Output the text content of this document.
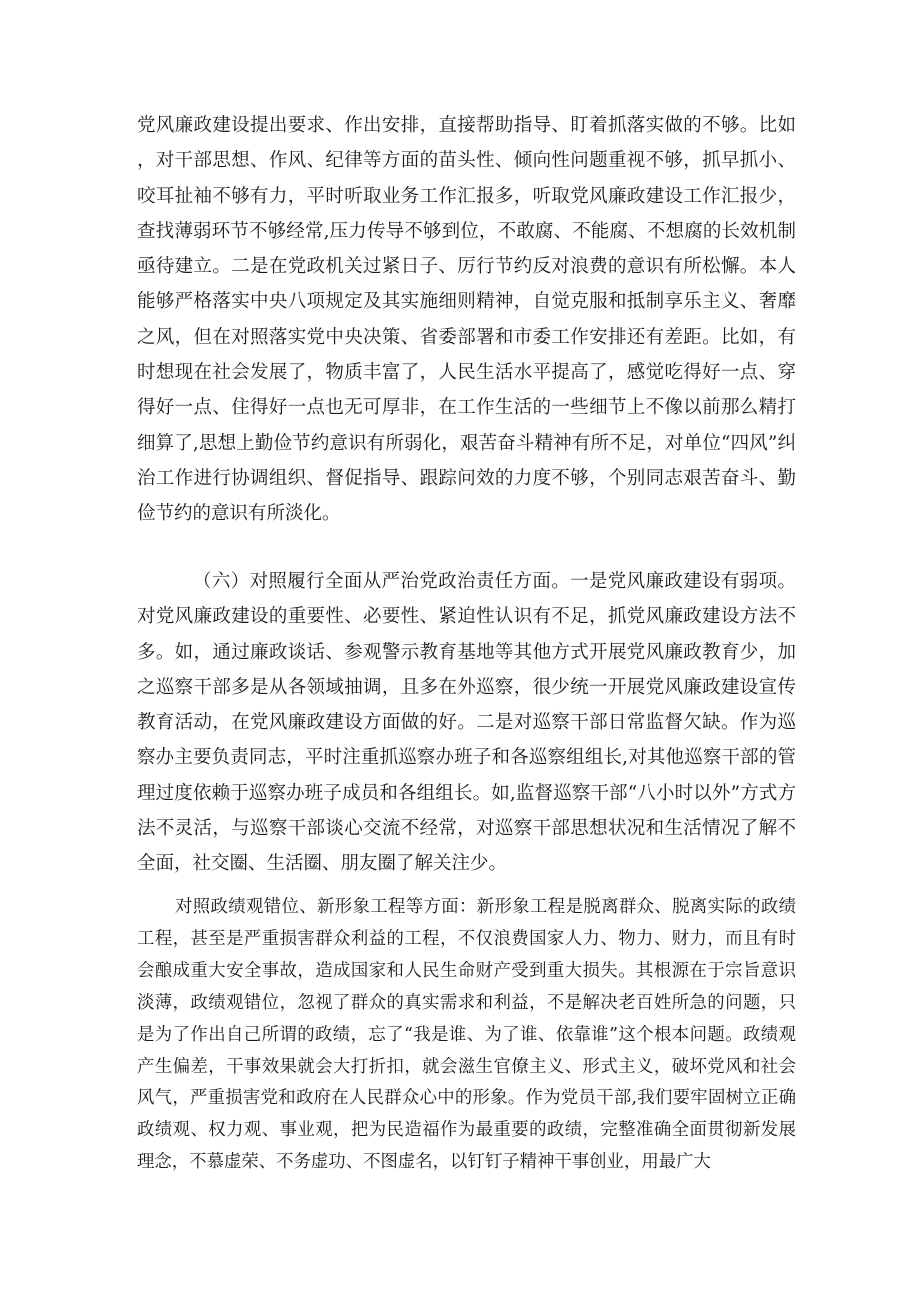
党风廉政建设提出要求、作出安排，直接帮助指导、盯着抓落实做的不够。比如，对干部思想、作风、纪律等方面的苗头性、倾向性问题重视不够，抓早抓小、咬耳扯袖不够有力，平时听取业务工作汇报多，听取党风廉政建设工作汇报少，查找薄弱环节不够经常,压力传导不够到位，不敢腐、不能腐、不想腐的长效机制亟待建立。二是在党政机关过紧日子、厉行节约反对浪费的意识有所松懈。本人能够严格落实中央八项规定及其实施细则精神，自觉克服和抵制享乐主义、奢靡之风，但在对照落实党中央决策、省委部署和市委工作安排还有差距。比如，有时想现在社会发展了，物质丰富了，人民生活水平提高了，感觉吃得好一点、穿得好一点、住得好一点也无可厚非，在工作生活的一些细节上不像以前那么精打细算了,思想上勤俭节约意识有所弱化，艰苦奋斗精神有所不足，对单位“四风”纠治工作进行协调组织、督促指导、跟踪问效的力度不够，个别同志艰苦奋斗、勤俭节约的意识有所淡化。

（六）对照履行全面从严治党政治责任方面。一是党风廉政建设有弱项。对党风廉政建设的重要性、必要性、紧迫性认识有不足，抓党风廉政建设方法不多。如，通过廉政谈话、参观警示教育基地等其他方式开展党风廉政教育少，加之巡察干部多是从各领域抽调，且多在外巡察，很少统一开展党风廉政建设宣传教育活动，在党风廉政建设方面做的好。二是对巡察干部日常监督欠缺。作为巡察办主要负责同志，平时注重抓巡察办班子和各巡察组组长,对其他巡察干部的管理过度依赖于巡察办班子成员和各组组长。如,监督巡察干部“八小时以外”方式方法不灵活，与巡察干部谈心交流不经常，对巡察干部思想状况和生活情况了解不全面，社交圈、生活圈、朋友圈了解关注少。

对照政绩观错位、新形象工程等方面：新形象工程是脱离群众、脱离实际的政绩工程，甚至是严重损害群众利益的工程，不仅浪费国家人力、物力、财力，而且有时会酿成重大安全事故，造成国家和人民生命财产受到重大损失。其根源在于宗旨意识淡薄，政绩观错位，忽视了群众的真实需求和利益，不是解决老百姓所急的问题，只是为了作出自己所谓的政绩，忘了“我是谁、为了谁、依靠谁”这个根本问题。政绩观产生偏差，干事效果就会大打折扣，就会滋生官僚主义、形式主义，破坏党风和社会风气，严重损害党和政府在人民群众心中的形象。作为党员干部,我们要牢固树立正确政绩观、权力观、事业观，把为民造福作为最重要的政绩，完整准确全面贯彻新发展理念，不慕虚荣、不务虚功、不图虚名，以钉钉子精神干事创业，用最广大
